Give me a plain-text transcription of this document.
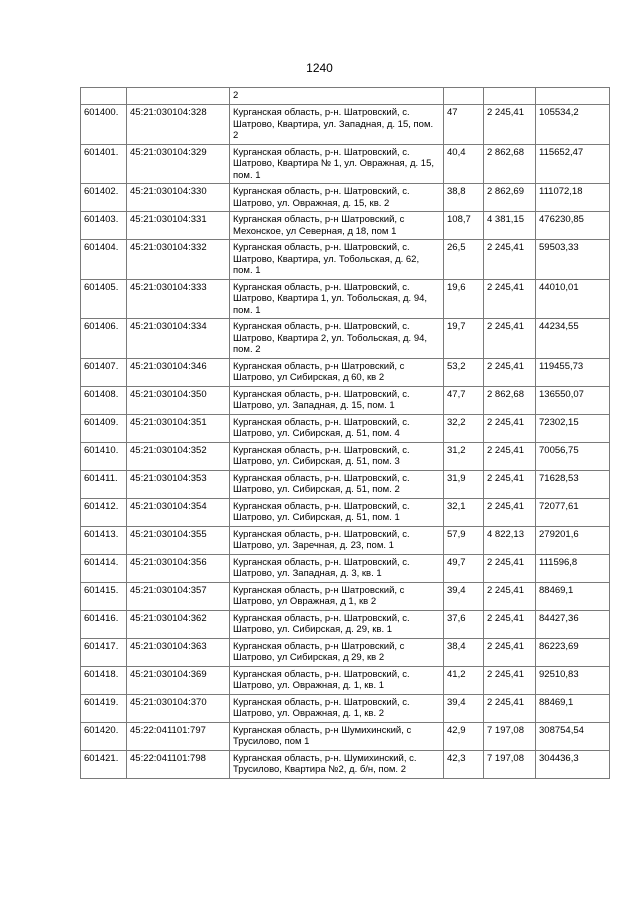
1240
		2			
601400.	45:21:030104:328	Курганская область, р-н. Шатровский, с. Шатрово, Квартира, ул. Западная, д. 15, пом. 2	47	2 245,41	105534,2
601401.	45:21:030104:329	Курганская область, р-н. Шатровский, с. Шатрово, Квартира № 1, ул. Овражная, д. 15, пом. 1	40,4	2 862,68	115652,47
601402.	45:21:030104:330	Курганская область, р-н. Шатровский, с. Шатрово, ул. Овражная, д. 15, кв. 2	38,8	2 862,69	111072,18
601403.	45:21:030104:331	Курганская область, р-н Шатровский, с Мехонское, ул Северная, д 18, пом 1	108,7	4 381,15	476230,85
601404.	45:21:030104:332	Курганская область, р-н. Шатровский, с. Шатрово, Квартира, ул. Тобольская, д. 62, пом. 1	26,5	2 245,41	59503,33
601405.	45:21:030104:333	Курганская область, р-н. Шатровский, с. Шатрово, Квартира 1, ул. Тобольская, д. 94, пом. 1	19,6	2 245,41	44010,01
601406.	45:21:030104:334	Курганская область, р-н. Шатровский, с. Шатрово, Квартира 2, ул. Тобольская, д. 94, пом. 2	19,7	2 245,41	44234,55
601407.	45:21:030104:346	Курганская область, р-н Шатровский, с Шатрово, ул Сибирская, д 60, кв 2	53,2	2 245,41	119455,73
601408.	45:21:030104:350	Курганская область, р-н. Шатровский, с. Шатрово, ул. Западная, д. 15, пом. 1	47,7	2 862,68	136550,07
601409.	45:21:030104:351	Курганская область, р-н. Шатровский, с. Шатрово, ул. Сибирская, д. 51, пом. 4	32,2	2 245,41	72302,15
601410.	45:21:030104:352	Курганская область, р-н. Шатровский, с. Шатрово, ул. Сибирская, д. 51, пом. 3	31,2	2 245,41	70056,75
601411.	45:21:030104:353	Курганская область, р-н. Шатровский, с. Шатрово, ул. Сибирская, д. 51, пом. 2	31,9	2 245,41	71628,53
601412.	45:21:030104:354	Курганская область, р-н. Шатровский, с. Шатрово, ул. Сибирская, д. 51, пом. 1	32,1	2 245,41	72077,61
601413.	45:21:030104:355	Курганская область, р-н. Шатровский, с. Шатрово, ул. Заречная, д. 23, пом. 1	57,9	4 822,13	279201,6
601414.	45:21:030104:356	Курганская область, р-н. Шатровский, с. Шатрово, ул. Западная, д. 3, кв. 1	49,7	2 245,41	111596,8
601415.	45:21:030104:357	Курганская область, р-н Шатровский, с Шатрово, ул Овражная, д 1, кв 2	39,4	2 245,41	88469,1
601416.	45:21:030104:362	Курганская область, р-н. Шатровский, с. Шатрово, ул. Сибирская, д. 29, кв. 1	37,6	2 245,41	84427,36
601417.	45:21:030104:363	Курганская область, р-н Шатровский, с Шатрово, ул Сибирская, д 29, кв 2	38,4	2 245,41	86223,69
601418.	45:21:030104:369	Курганская область, р-н. Шатровский, с. Шатрово, ул. Овражная, д. 1, кв. 1	41,2	2 245,41	92510,83
601419.	45:21:030104:370	Курганская область, р-н. Шатровский, с. Шатрово, ул. Овражная, д. 1, кв. 2	39,4	2 245,41	88469,1
601420.	45:22:041101:797	Курганская область, р-н Шумихинский, с Трусилово, пом 1	42,9	7 197,08	308754,54
601421.	45:22:041101:798	Курганская область, р-н. Шумихинский, с. Трусилово, Квартира №2, д. б/н, пом. 2	42,3	7 197,08	304436,3
